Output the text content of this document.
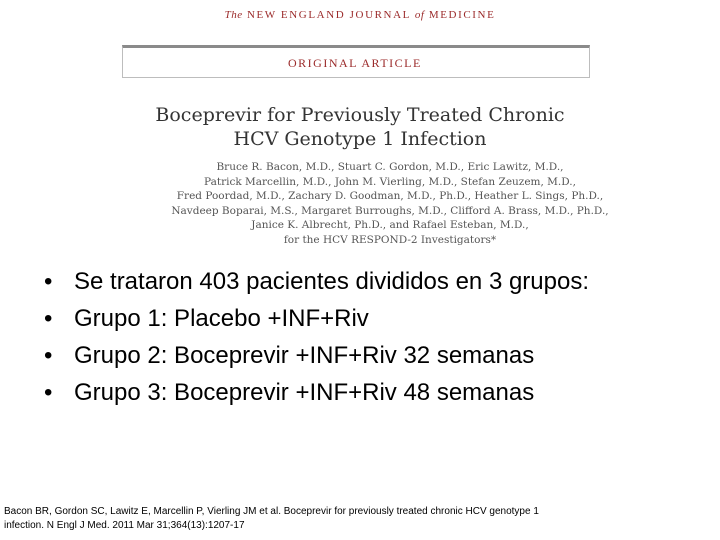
The NEW ENGLAND JOURNAL of MEDICINE
ORIGINAL ARTICLE
Boceprevir for Previously Treated Chronic
HCV Genotype 1 Infection
Bruce R. Bacon, M.D., Stuart C. Gordon, M.D., Eric Lawitz, M.D.,
Patrick Marcellin, M.D., John M. Vierling, M.D., Stefan Zeuzem, M.D.,
Fred Poordad, M.D., Zachary D. Goodman, M.D., Ph.D., Heather L. Sings, Ph.D.,
Navdeep Boparai, M.S., Margaret Burroughs, M.D., Clifford A. Brass, M.D., Ph.D.,
Janice K. Albrecht, Ph.D., and Rafael Esteban, M.D.,
for the HCV RESPOND-2 Investigators*
• Se trataron 403 pacientes divididos en 3 grupos:
• Grupo 1: Placebo +INF+Riv
• Grupo 2: Boceprevir +INF+Riv 32 semanas
• Grupo 3: Boceprevir +INF+Riv 48 semanas
Bacon BR, Gordon SC, Lawitz E, Marcellin P, Vierling JM et al. Boceprevir for previously treated chronic HCV genotype 1
infection. N Engl J Med. 2011 Mar 31;364(13):1207-17
